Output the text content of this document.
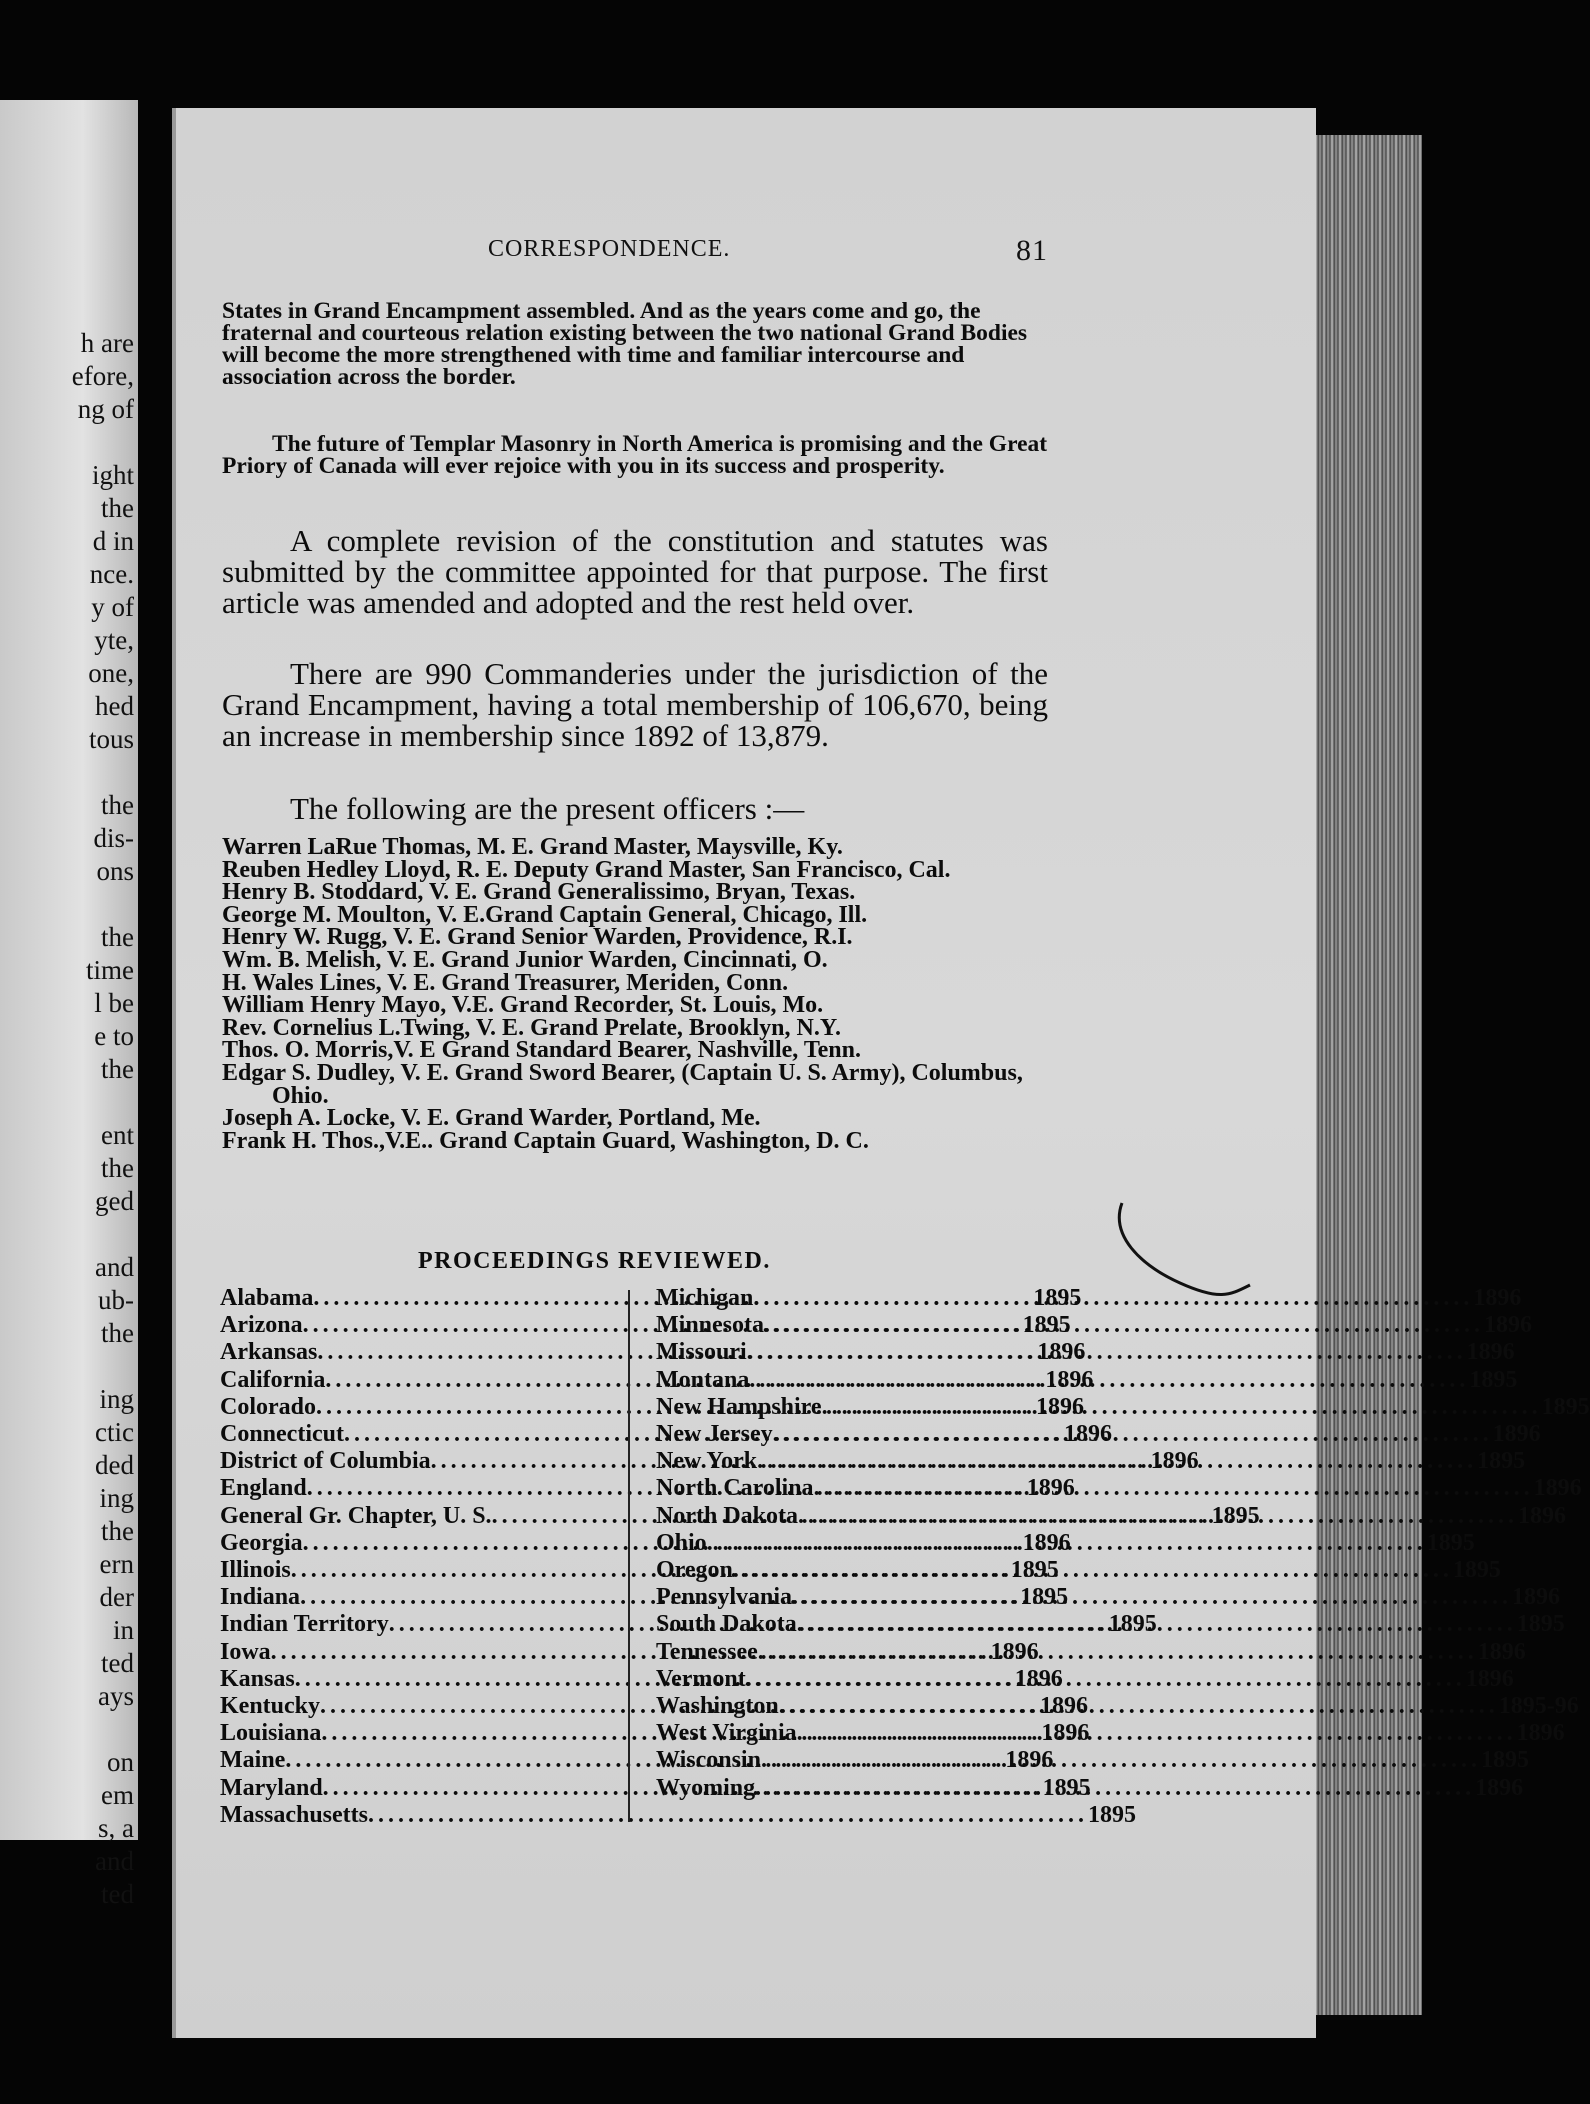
h are
efore,
ng of
ight
the
d in
nce.
y of
yte,
one,
hed
tous
the
dis-
ons
the
time
l be
e to
the
ent
the
ged
and
ub-
the
ing
ctic
ded
ing
the
ern
der
in
ted
ays
on
em
s, a
and
ted
CORRESPONDENCE.	81
States in Grand Encampment assembled. And as the years come and go, the fraternal and courteous relation existing between the two national Grand Bodies will become the more strengthened with time and familiar intercourse and association across the border.
The future of Templar Masonry in North America is promising and the Great Priory of Canada will ever rejoice with you in its success and prosperity.
A complete revision of the constitution and statutes was submitted by the committee appointed for that purpose. The first article was amended and adopted and the rest held over.
There are 990 Commanderies under the jurisdiction of the Grand Encampment, having a total membership of 106,670, being an increase in membership since 1892 of 13,879.
The following are the present officers :—
Warren LaRue Thomas, M. E. Grand Master, Maysville, Ky.
Reuben Hedley Lloyd, R. E. Deputy Grand Master, San Francisco, Cal.
Henry B. Stoddard, V. E. Grand Generalissimo, Bryan, Texas.
George M. Moulton, V. E.Grand Captain General, Chicago, Ill.
Henry W. Rugg, V. E. Grand Senior Warden, Providence, R.I.
Wm. B. Melish, V. E. Grand Junior Warden, Cincinnati, O.
H. Wales Lines, V. E. Grand Treasurer, Meriden, Conn.
William Henry Mayo, V.E. Grand Recorder, St. Louis, Mo.
Rev. Cornelius L.Twing, V. E. Grand Prelate, Brooklyn, N.Y.
Thos. O. Morris,V. E Grand Standard Bearer, Nashville, Tenn.
Edgar S. Dudley, V. E. Grand Sword Bearer, (Captain U. S. Army), Columbus, Ohio.
Joseph A. Locke, V. E. Grand Warder, Portland, Me.
Frank H. Thos.,V.E.. Grand Captain Guard, Washington, D. C.
PROCEEDINGS REVIEWED.
Alabama .....	1895
Arizona .....	1895
Arkansas .....	1896
California .....	1896
Colorado .....	1896
Connecticut .....	1896
District of Columbia .....	1896
England .....	1896
General Gr. Chapter, U. S. .....	1895
Georgia .....	1896
Illinois .....	1895
Indiana .....	1895
Indian Territory .....	1895
Iowa .....	1896
Kansas .....	1896
Kentucky .....	1896
Louisiana .....	1896
Maine .....	1896
Maryland .....	1895
Massachusetts .....	1895
Michigan .....	1896
Minnesota .....	1896
Missouri .....	1896
Montana .....	1895
New Hampshire .....	1895
New Jersey .....	1896
New York .....	1895
North Carolina .....	1896
North Dakota .....	1896
Ohio .....	1895
Oregon .....	1895
Pennsylvania .....	1896
South Dakota .....	1895
Tennessee .....	1896
Vermont .....	1896
Washington .....	1895-96
West Virginia .....	1896
Wisconsin .....	1895
Wyoming .....	1896
